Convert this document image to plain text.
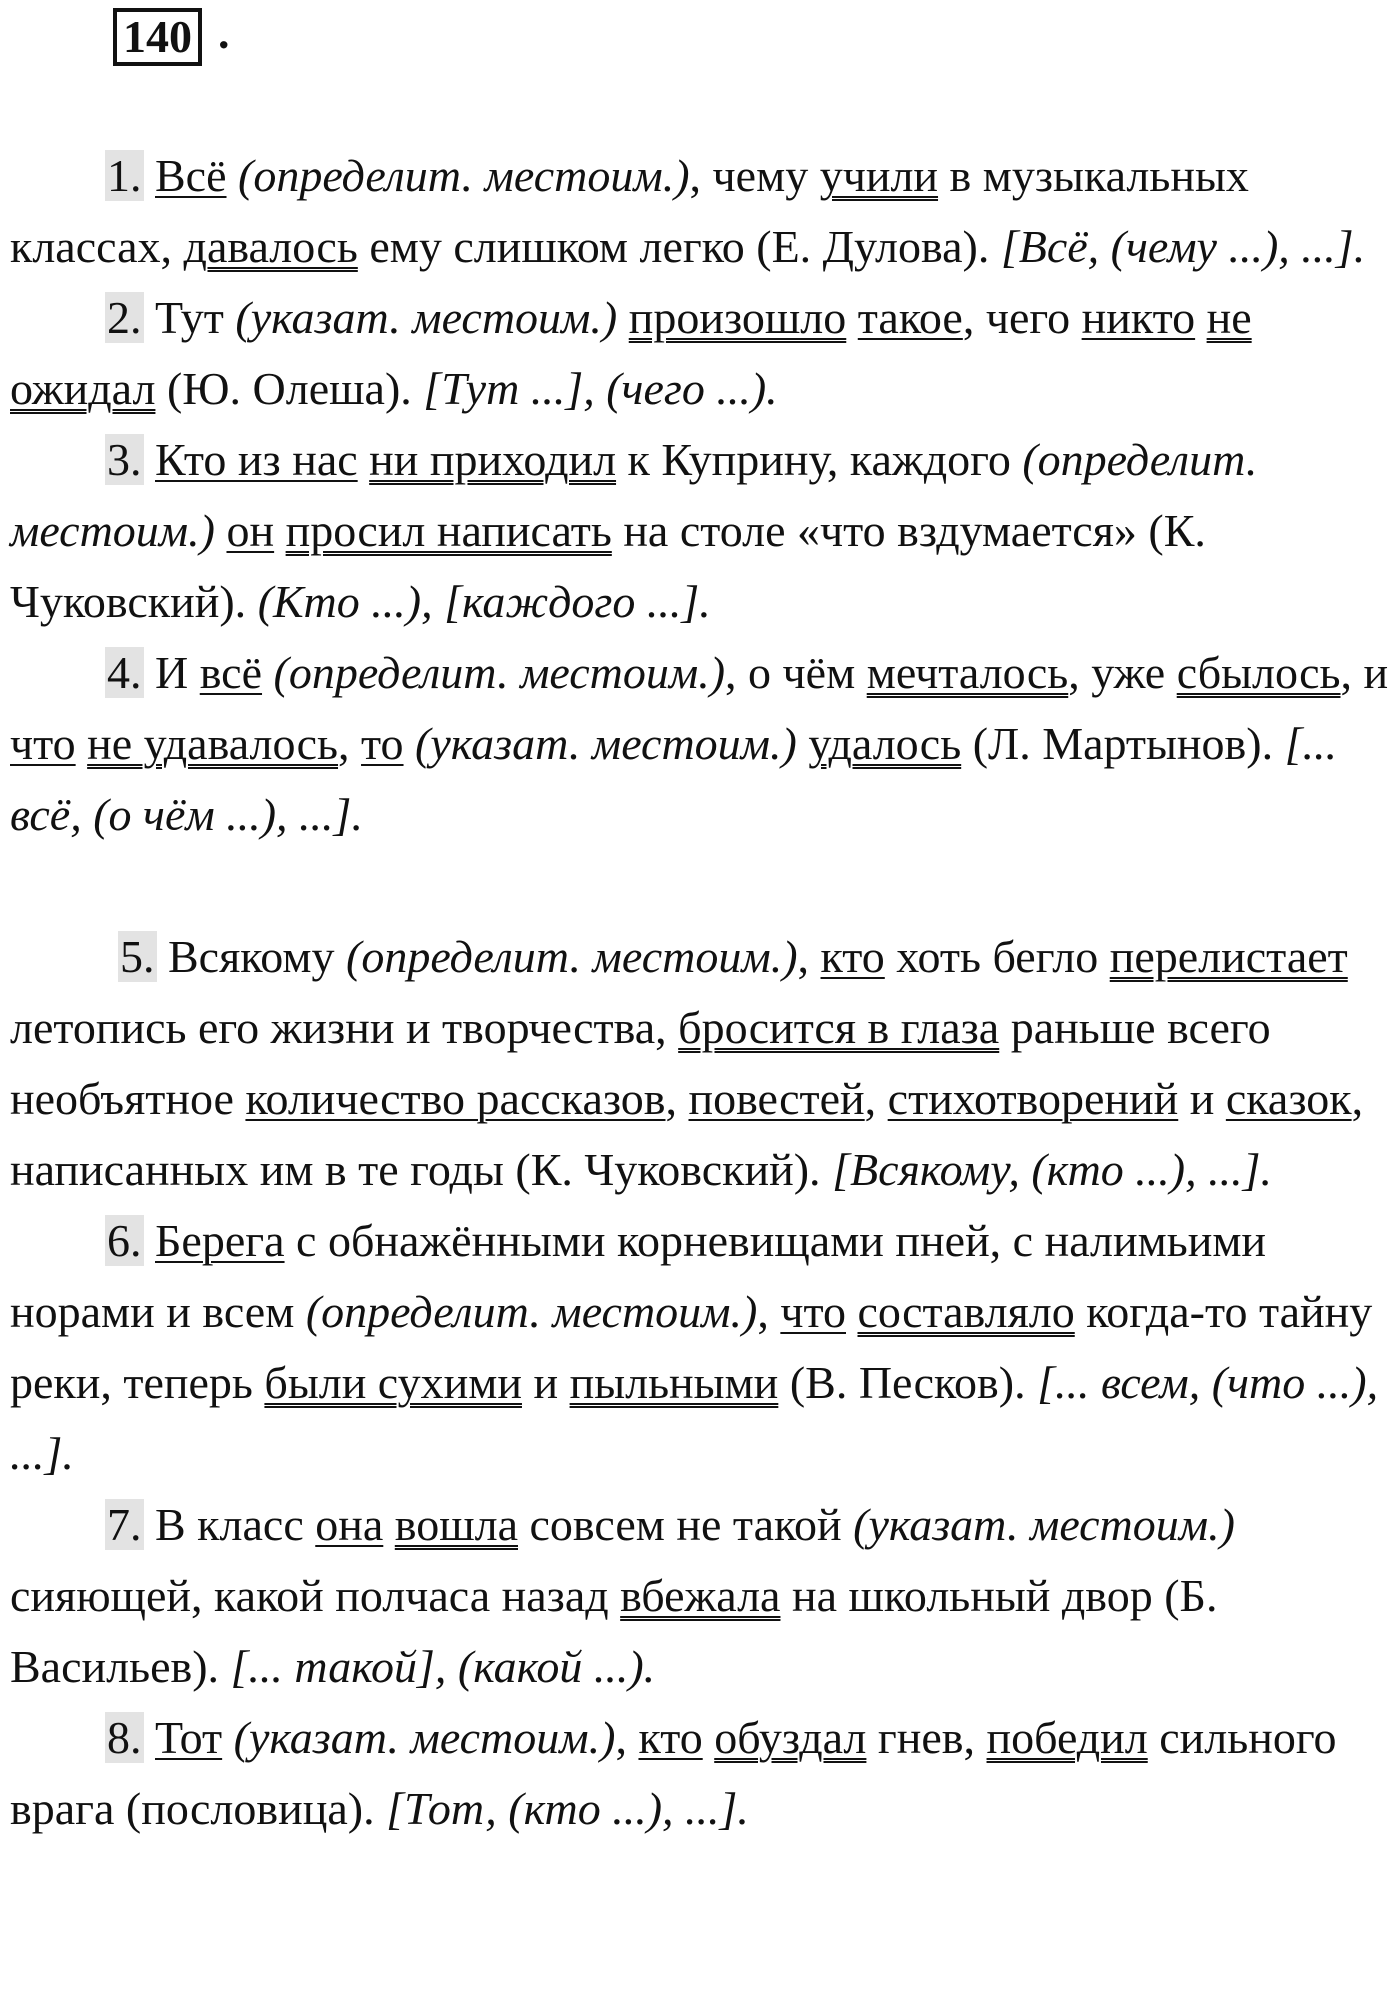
140 .

1. Всё (определит. местоим.), чему учили в музыкальных классах, давалось ему слишком легко (Е. Дулова). [Всё, (чему ...), ...].

2. Тут (указат. местоим.) произошло такое, чего никто не ожидал (Ю. Олеша). [Тут ...], (чего ...).

3. Кто из нас ни приходил к Куприну, каждого (определит. местоим.) он просил написать на столе «что вздумается» (К. Чуковский). (Кто ...), [каждого ...].

4. И всё (определит. местоим.), о чём мечталось, уже сбылось, и что не удавалось, то (указат. местоим.) удалось (Л. Мартынов). [... всё, (о чём ...), ...].

5. Всякому (определит. местоим.), кто хоть бегло перелистает летопись его жизни и творчества, бросится в глаза раньше всего необъятное количество рассказов, повестей, стихотворений и сказок, написанных им в те годы (К. Чуковский). [Всякому, (кто ...), ...].

6. Берега с обнажёнными корневищами пней, с налимьими норами и всем (определит. местоим.), что составляло когда-то тайну реки, теперь были сухими и пыльными (В. Песков). [... всем, (что ...), ...].

7. В класс она вошла совсем не такой (указат. местоим.) сияющей, какой полчаса назад вбежала на школьный двор (Б. Васильев). [... такой], (какой ...).

8. Тот (указат. местоим.), кто обуздал гнев, победил сильного врага (пословица). [Тот, (кто ...), ...].
